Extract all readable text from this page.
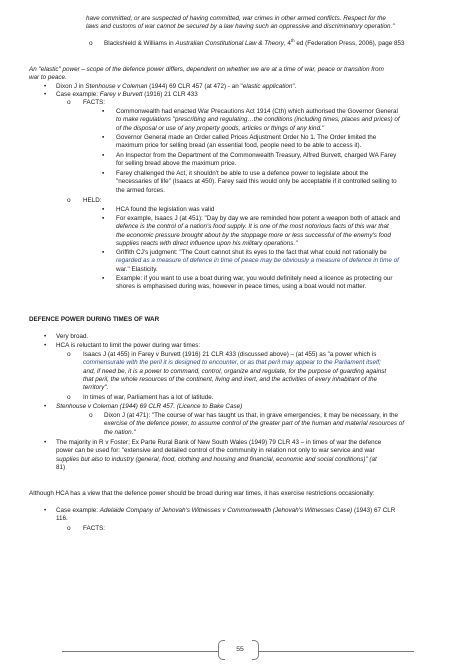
have committed, or are suspected of having committed, war crimes in other armed conflicts. Respect for the
laws and customs of war cannot be secured by a law having such an oppressive and discriminatory operation."
o Blackshield & Williams in Australian Constitutional Law & Theory, 4th ed (Federation Press, 2006), page 853
An "elastic" power – scope of the defence power differs, dependent on whether we are at a time of war, peace or transition from
war to peace.
• Dixon J in Stenhouse v Coleman (1944) 69 CLR 457 (at 472) - an "elastic application".
• Case example: Farey v Burvett (1916) 21 CLR 433
o FACTS:
▪ Commonwealth had enacted War Precautions Act 1914 (Cth) which authorised the Governor General
to make regulations "prescribing and regulating…the conditions (including times, places and prices) of
of the disposal or use of any property goods, articles or things of any kind."
▪ Governor General made an Order called Prices Adjustment Order No 1. The Order limited the
maximum price for selling bread (an essential food, people need to be able to access it).
▪ An Inspector from the Department of the Commonwealth Treasury, Alfred Burvett, charged WA Farey
for selling bread above the maximum price.
▪ Farey challenged the Act, it shouldn't be able to use a defence power to legislate about the
"necessaries of life" (Isaacs at 450). Farey said this would only be acceptable if it controlled selling to
the armed forces.
o HELD:
▪ HCA found the legislation was valid
▪ For example, Isaacs J (at 451): "Day by day we are reminded how potent a weapon both of attack and
defence is the control of a nation's food supply. It is one of the most notorious facts of this war that
the economic pressure brought about by the stoppage more or less successful of the enemy's food
supplies reacts with direct influence upon his military operations."
▪ Griffith CJ's judgment: "The Court cannot shut its eyes to the fact that what could not rationally be
regarded as a measure of defence in time of peace may be obviously a measure of defence in time of
war." Elasticity.
▪ Example: if you want to use a boat during war, you would definitely need a licence as protecting our
shores is emphasised during was, however in peace times, using a boat would not matter.
DEFENCE POWER DURING TIMES OF WAR
• Very broad.
• HCA is reluctant to limit the power during war times:
o Isaacs J (at 455) in Farey v Burvett (1916) 21 CLR 433 (discussed above) – (at 455) as "a power which is
commensurate with the peril it is designed to encounter, or as that peril may appear to the Parliament itself;
and, if need be, it is a power to command, control, organize and regulate, for the purpose of guarding against
that peril, the whole resources of the continent, living and inert, and the activities of every inhabitant of the
territory".
o In times of war, Parliament has a lot of latitude.
• Stenhouse v Coleman (1944) 69 CLR 457. (Licence to Bake Case)
o Dixon J (at 471): "The course of war has taught us that, in grave emergencies, it may be necessary, in the
exercise of the defence power, to assume control of the greater part of the human and material resources of
the nation."
• The majority in R v Foster; Ex Parte Rural Bank of New South Wales (1949) 79 CLR 43 – in times of war the defence
power can be used for: "extensive and detailed control of the community in relation not only to war service and war
supplies but also to industry (general, food, clothing and housing and financial, economic and social conditions)" (at
81)
Although HCA has a view that the defence power should be broad during war times, it has exercise restrictions occasionally:
• Case example: Adelaide Company of Jehovah's Witnesses v Commonwealth (Jehovah's Witnesses Case) (1943) 67 CLR
116.
o FACTS:
55
